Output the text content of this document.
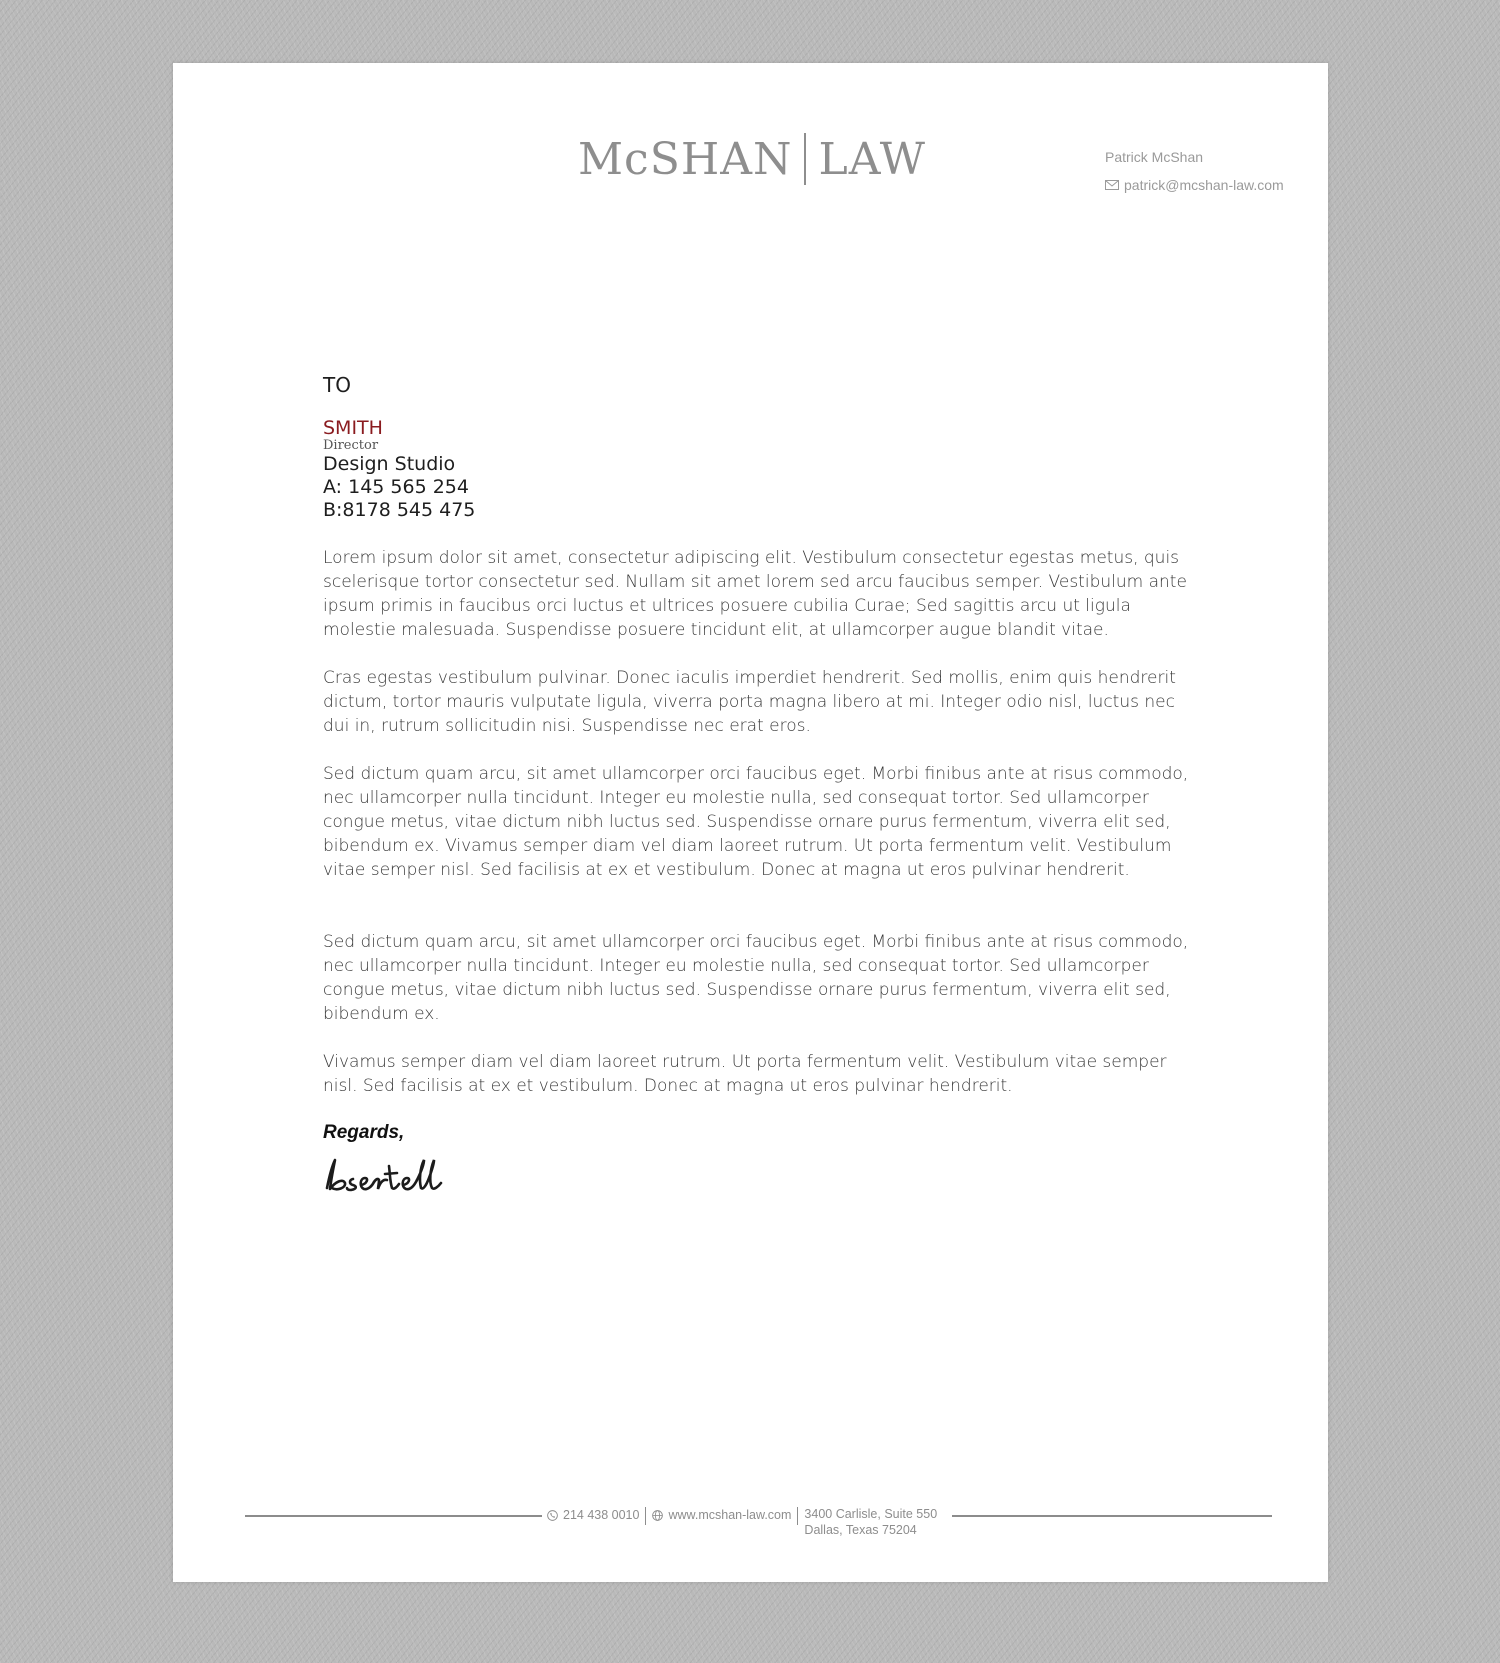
McSHAN LAW	Patrick McShan
patrick@mcshan-law.com
TO
SMITH
Director
Design Studio
A: 145 565 254
B:8178 545 475

Lorem ipsum dolor sit amet, consectetur adipiscing elit. Vestibulum consectetur egestas metus, quis scelerisque tortor consectetur sed. Nullam sit amet lorem sed arcu faucibus semper. Vestibulum ante ipsum primis in faucibus orci luctus et ultrices posuere cubilia Curae; Sed sagittis arcu ut ligula molestie malesuada. Suspendisse posuere tincidunt elit, at ullamcorper augue blandit vitae.

Cras egestas vestibulum pulvinar. Donec iaculis imperdiet hendrerit. Sed mollis, enim quis hendrerit dictum, tortor mauris vulputate ligula, viverra porta magna libero at mi. Integer odio nisl, luctus nec dui in, rutrum sollicitudin nisi. Suspendisse nec erat eros.

Sed dictum quam arcu, sit amet ullamcorper orci faucibus eget. Morbi finibus ante at risus commodo, nec ullamcorper nulla tincidunt. Integer eu molestie nulla, sed consequat tortor. Sed ullamcorper congue metus, vitae dictum nibh luctus sed. Suspendisse ornare purus fermentum, viverra elit sed, bibendum ex. Vivamus semper diam vel diam laoreet rutrum. Ut porta fermentum velit. Vestibulum vitae semper nisl. Sed facilisis at ex et vestibulum. Donec at magna ut eros pulvinar hendrerit.

Sed dictum quam arcu, sit amet ullamcorper orci faucibus eget. Morbi finibus ante at risus commodo, nec ullamcorper nulla tincidunt. Integer eu molestie nulla, sed consequat tortor. Sed ullamcorper congue metus, vitae dictum nibh luctus sed. Suspendisse ornare purus fermentum, viverra elit sed, bibendum ex.

Vivamus semper diam vel diam laoreet rutrum. Ut porta fermentum velit. Vestibulum vitae semper nisl. Sed facilisis at ex et vestibulum. Donec at magna ut eros pulvinar hendrerit.

Regards,
214 438 0010 www.mcshan-law.com 3400 Carlisle, Suite 550
Dallas, Texas 75204
